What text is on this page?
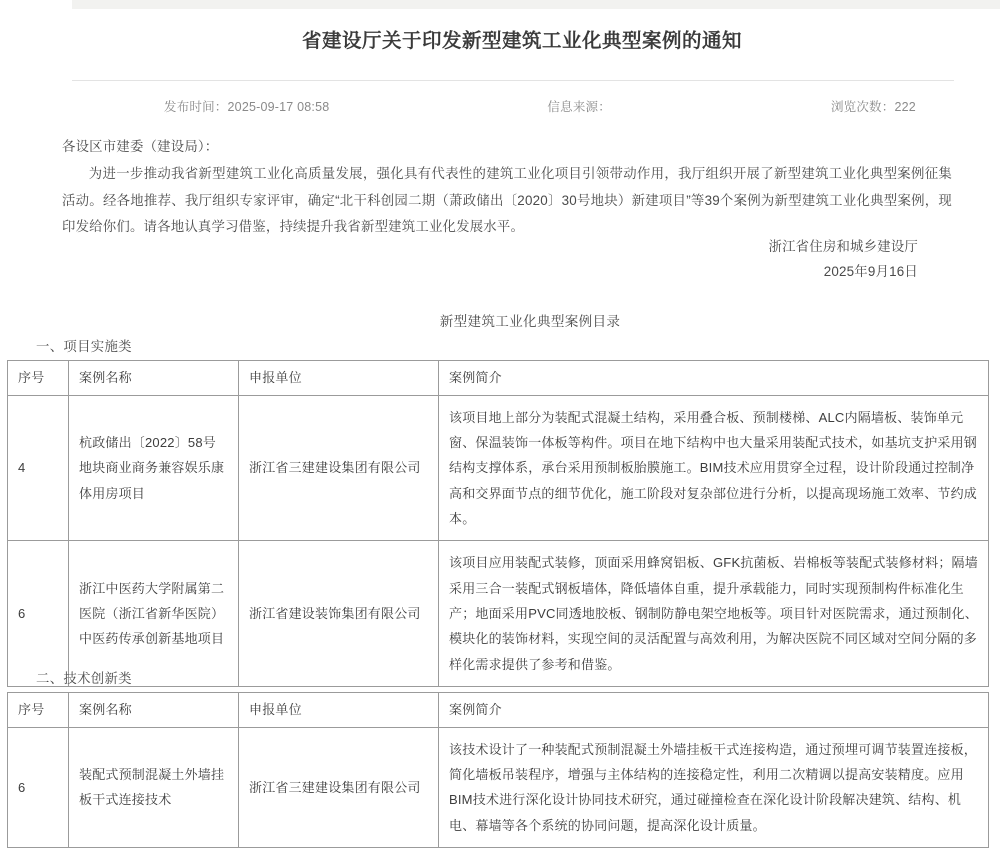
省建设厅关于印发新型建筑工业化典型案例的通知
发布时间：2025-09-17 08:58	信息来源：	浏览次数：222

各设区市建委（建设局）：

为进一步推动我省新型建筑工业化高质量发展，强化具有代表性的建筑工业化项目引领带动作用，我厅组织开展了新型建筑工业化典型案例征集活动。经各地推荐、我厅组织专家评审，确定“北干科创园二期（萧政储出〔2020〕30号地块）新建项目”等39个案例为新型建筑工业化典型案例，现印发给你们。请各地认真学习借鉴，持续提升我省新型建筑工业化发展水平。

浙江省住房和城乡建设厅
2025年9月16日
新型建筑工业化典型案例目录
一、项目实施类
序号	案例名称	申报单位	案例简介
4	杭政储出〔2022〕58号地块商业商务兼容娱乐康体用房项目	浙江省三建建设集团有限公司	该项目地上部分为装配式混凝土结构，采用叠合板、预制楼梯、ALC内隔墙板、装饰单元窗、保温装饰一体板等构件。项目在地下结构中也大量采用装配式技术，如基坑支护采用钢结构支撑体系，承台采用预制板胎膜施工。BIM技术应用贯穿全过程，设计阶段通过控制净高和交界面节点的细节优化，施工阶段对复杂部位进行分析，以提高现场施工效率、节约成本。
6	浙江中医药大学附属第二医院（浙江省新华医院）中医药传承创新基地项目	浙江省建设装饰集团有限公司	该项目应用装配式装修，顶面采用蜂窝铝板、GFK抗菌板、岩棉板等装配式装修材料；隔墙采用三合一装配式钢板墙体，降低墙体自重，提升承载能力，同时实现预制构件标准化生产；地面采用PVC同透地胶板、钢制防静电架空地板等。项目针对医院需求，通过预制化、模块化的装饰材料，实现空间的灵活配置与高效利用，为解决医院不同区域对空间分隔的多样化需求提供了参考和借鉴。
二、技术创新类
序号	案例名称	申报单位	案例简介
6	装配式预制混凝土外墙挂板干式连接技术	浙江省三建建设集团有限公司	该技术设计了一种装配式预制混凝土外墙挂板干式连接构造，通过预埋可调节装置连接板，简化墙板吊装程序，增强与主体结构的连接稳定性，利用二次精调以提高安装精度。应用BIM技术进行深化设计协同技术研究，通过碰撞检查在深化设计阶段解决建筑、结构、机电、幕墙等各个系统的协同问题，提高深化设计质量。
